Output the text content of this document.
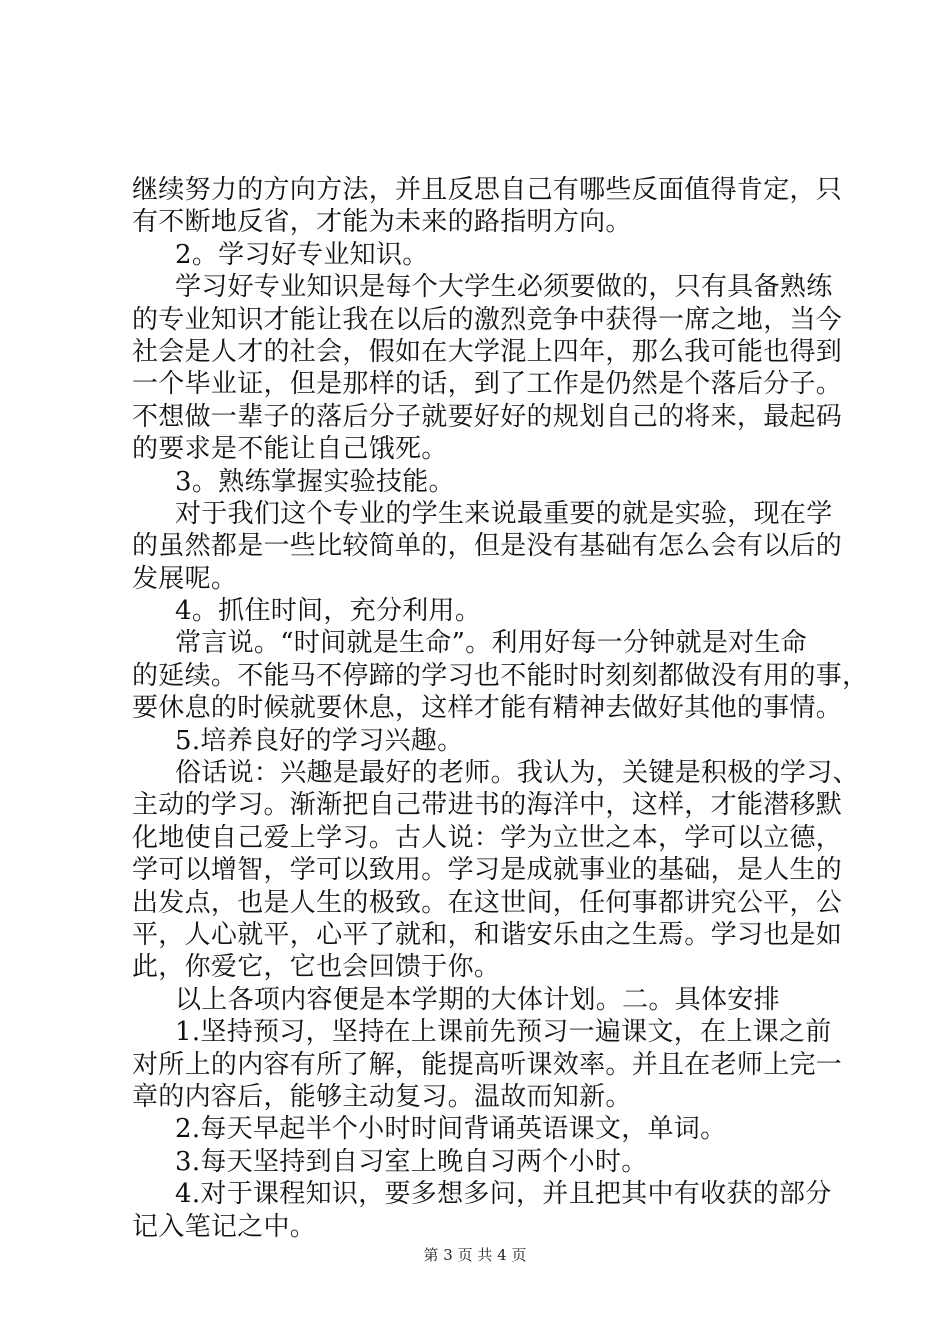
继续努力的方向方法，并且反思自己有哪些反面值得肯定，只
有不断地反省，才能为未来的路指明方向。
2。学习好专业知识。
学习好专业知识是每个大学生必须要做的，只有具备熟练
的专业知识才能让我在以后的激烈竞争中获得一席之地，当今
社会是人才的社会，假如在大学混上四年，那么我可能也得到
一个毕业证，但是那样的话，到了工作是仍然是个落后分子。
不想做一辈子的落后分子就要好好的规划自己的将来，最起码
的要求是不能让自己饿死。
3。熟练掌握实验技能。
对于我们这个专业的学生来说最重要的就是实验，现在学
的虽然都是一些比较简单的，但是没有基础有怎么会有以后的
发展呢。
4。抓住时间，充分利用。
常言说。“时间就是生命”。利用好每一分钟就是对生命
的延续。不能马不停蹄的学习也不能时时刻刻都做没有用的事，
要休息的时候就要休息，这样才能有精神去做好其他的事情。
5.培养良好的学习兴趣。
俗话说：兴趣是最好的老师。我认为，关键是积极的学习、
主动的学习。渐渐把自己带进书的海洋中，这样，才能潜移默
化地使自己爱上学习。古人说：学为立世之本，学可以立德，
学可以增智，学可以致用。学习是成就事业的基础，是人生的
出发点，也是人生的极致。在这世间，任何事都讲究公平，公
平，人心就平，心平了就和，和谐安乐由之生焉。学习也是如
此，你爱它，它也会回馈于你。
以上各项内容便是本学期的大体计划。二。具体安排
1.坚持预习，坚持在上课前先预习一遍课文，在上课之前
对所上的内容有所了解，能提高听课效率。并且在老师上完一
章的内容后，能够主动复习。温故而知新。
2.每天早起半个小时时间背诵英语课文，单词。
3.每天坚持到自习室上晚自习两个小时。
4.对于课程知识，要多想多问，并且把其中有收获的部分
记入笔记之中。
第 3 页 共 4 页
